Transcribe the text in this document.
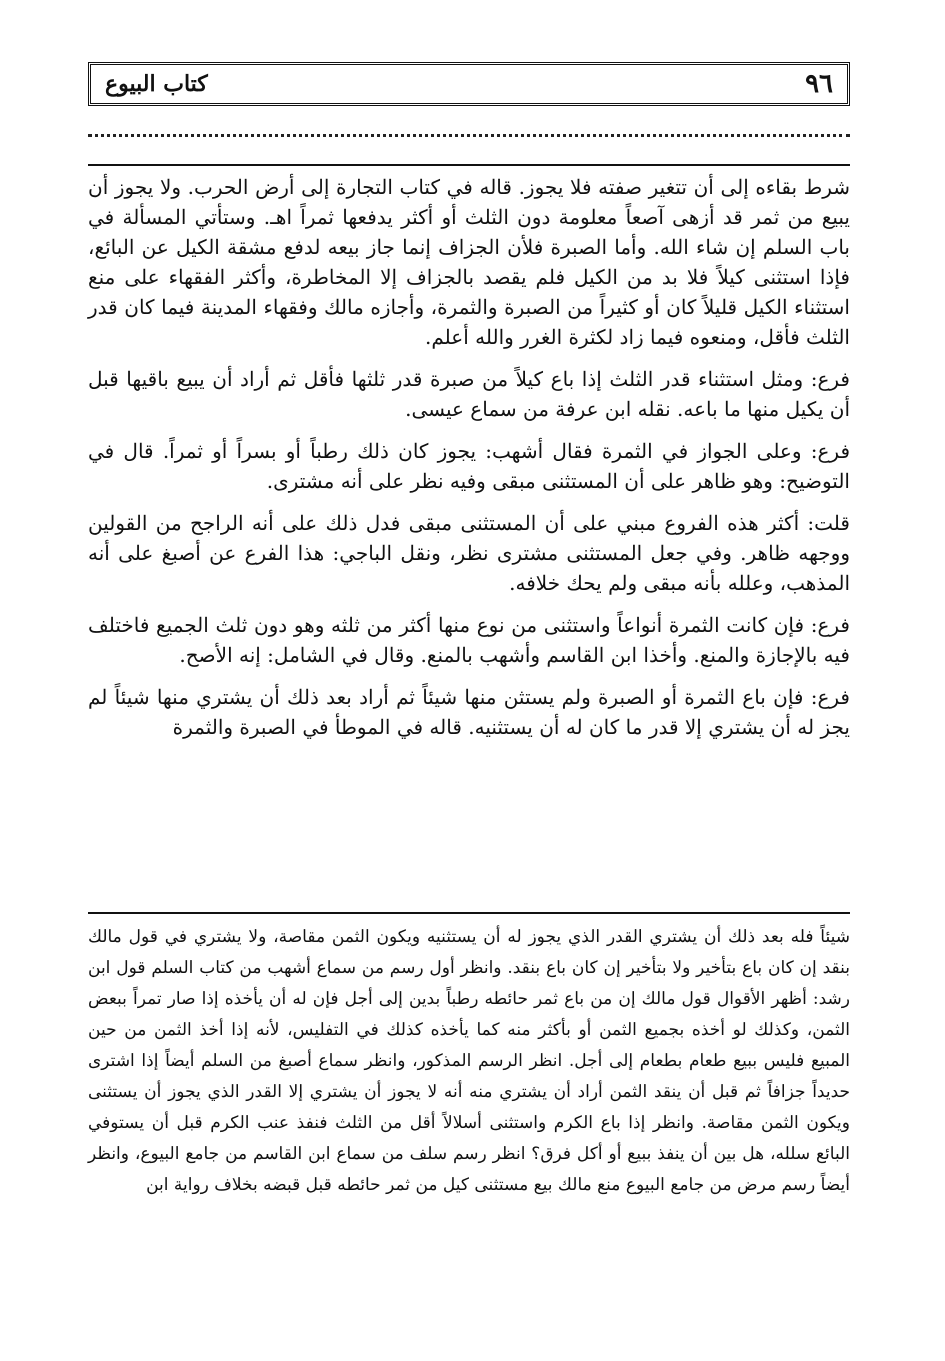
٩٦
كتاب البيوع

شرط بقاءه إلى أن تتغير صفته فلا يجوز. قاله في كتاب التجارة إلى أرض الحرب. ولا يجوز أن يبيع من ثمر قد أزهى آصعاً معلومة دون الثلث أو أكثر يدفعها ثمراً اهـ. وستأتي المسألة في باب السلم إن شاء الله. وأما الصبرة فلأن الجزاف إنما جاز بيعه لدفع مشقة الكيل عن البائع، فإذا استثنى كيلاً فلا بد من الكيل فلم يقصد بالجزاف إلا المخاطرة، وأكثر الفقهاء على منع استثناء الكيل قليلاً كان أو كثيراً من الصبرة والثمرة، وأجازه مالك وفقهاء المدينة فيما كان قدر الثلث فأقل، ومنعوه فيما زاد لكثرة الغرر والله أعلم.

فرع: ومثل استثناء قدر الثلث إذا باع كيلاً من صبرة قدر ثلثها فأقل ثم أراد أن يبيع باقيها قبل أن يكيل منها ما باعه. نقله ابن عرفة من سماع عيسى.

فرع: وعلى الجواز في الثمرة فقال أشهب: يجوز كان ذلك رطباً أو بسراً أو ثمراً. قال في التوضيح: وهو ظاهر على أن المستثنى مبقى وفيه نظر على أنه مشترى.

قلت: أكثر هذه الفروع مبني على أن المستثنى مبقى فدل ذلك على أنه الراجح من القولين ووجهه ظاهر. وفي جعل المستثنى مشترى نظر، ونقل الباجي: هذا الفرع عن أصبغ على أنه المذهب، وعلله بأنه مبقى ولم يحك خلافه.

فرع: فإن كانت الثمرة أنواعاً واستثنى من نوع منها أكثر من ثلثه وهو دون ثلث الجميع فاختلف فيه بالإجازة والمنع. وأخذا ابن القاسم وأشهب بالمنع. وقال في الشامل: إنه الأصح.

فرع: فإن باع الثمرة أو الصبرة ولم يستثن منها شيئاً ثم أراد بعد ذلك أن يشتري منها شيئاً لم يجز له أن يشتري إلا قدر ما كان له أن يستثنيه. قاله في الموطأ في الصبرة والثمرة

شيئاً فله بعد ذلك أن يشتري القدر الذي يجوز له أن يستثنيه ويكون الثمن مقاصة، ولا يشتري في قول مالك بنقد إن كان باع بتأخير ولا بتأخير إن كان باع بنقد. وانظر أول رسم من سماع أشهب من كتاب السلم قول ابن رشد: أظهر الأقوال قول مالك إن من باع ثمر حائطه رطباً بدين إلى أجل فإن له أن يأخذه إذا صار تمراً ببعض الثمن، وكذلك لو أخذه بجميع الثمن أو بأكثر منه كما يأخذه كذلك في التفليس، لأنه إذا أخذ الثمن من حين المبيع فليس ببيع طعام بطعام إلى أجل. انظر الرسم المذكور، وانظر سماع أصبغ من السلم أيضاً إذا اشترى حديداً جزافاً ثم قبل أن ينقد الثمن أراد أن يشتري منه أنه لا يجوز أن يشتري إلا القدر الذي يجوز أن يستثنى ويكون الثمن مقاصة. وانظر إذا باع الكرم واستثنى أسلالاً أقل من الثلث فنفذ عنب الكرم قبل أن يستوفي البائع سلله، هل بين أن ينفذ ببيع أو أكل فرق؟ انظر رسم سلف من سماع ابن القاسم من جامع البيوع، وانظر أيضاً رسم مرض من جامع البيوع منع مالك بيع مستثنى كيل من ثمر حائطه قبل قبضه بخلاف رواية ابن
